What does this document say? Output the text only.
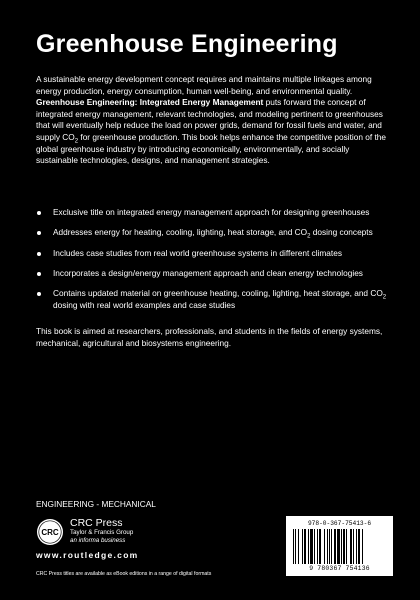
Greenhouse Engineering
A sustainable energy development concept requires and maintains multiple linkages among energy production, energy consumption, human well-being, and environmental quality. Greenhouse Engineering: Integrated Energy Management puts forward the concept of integrated energy management, relevant technologies, and modeling pertinent to greenhouses that will eventually help reduce the load on power grids, demand for fossil fuels and water, and supply $CO_2$ for greenhouse production. This book helps enhance the competitive position of the global greenhouse industry by introducing economically, environmentally, and socially sustainable technologies, designs, and management strategies.
Exclusive title on integrated energy management approach for designing greenhouses
Addresses energy for heating, cooling, lighting, heat storage, and $CO_2$ dosing concepts
Includes case studies from real world greenhouse systems in different climates
Incorporates a design/energy management approach and clean energy technologies
Contains updated material on greenhouse heating, cooling, lighting, heat storage, and $CO_2$ dosing with real world examples and case studies
This book is aimed at researchers, professionals, and students in the fields of energy systems, mechanical, agricultural and biosystems engineering.
ENGINEERING - MECHANICAL
CRC
CRC Press
Taylor & Francis Group
an informa business
www.routledge.com
CRC Press titles are available as eBook editions in a range of digital formats
978-0-367-75413-6
9 780367 754136
